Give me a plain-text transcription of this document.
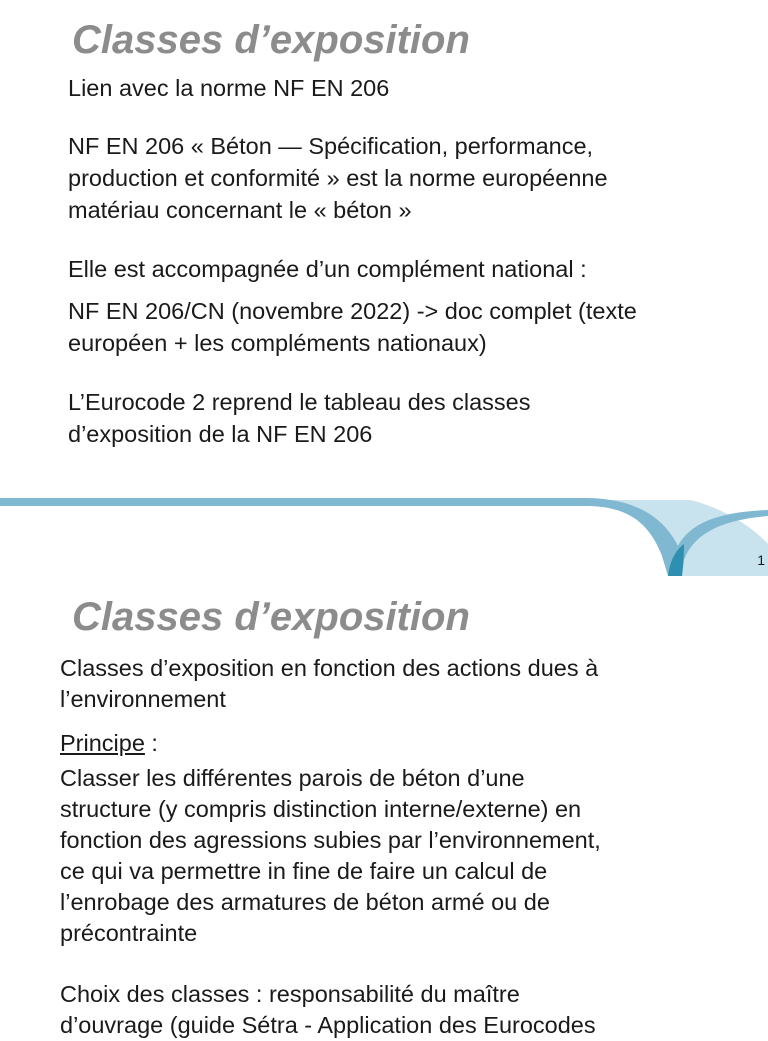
Classes d’exposition
Lien avec la norme NF EN 206
NF EN 206 « Béton — Spécification, performance,
production et conformité » est la norme européenne
matériau concernant le « béton »
Elle est accompagnée d’un complément national :
NF EN 206/CN (novembre 2022) -> doc complet (texte
européen + les compléments nationaux)
L’Eurocode 2 reprend le tableau des classes
d’exposition de la NF EN 206
1
Classes d’exposition
Classes d’exposition en fonction des actions dues à
l’environnement
Principe :
Classer les différentes parois de béton d’une
structure (y compris distinction interne/externe) en
fonction des agressions subies par l’environnement,
ce qui va permettre in fine de faire un calcul de
l’enrobage des armatures de béton armé ou de
précontrainte
Choix des classes : responsabilité du maître
d’ouvrage (guide Sétra - Application des Eurocodes
